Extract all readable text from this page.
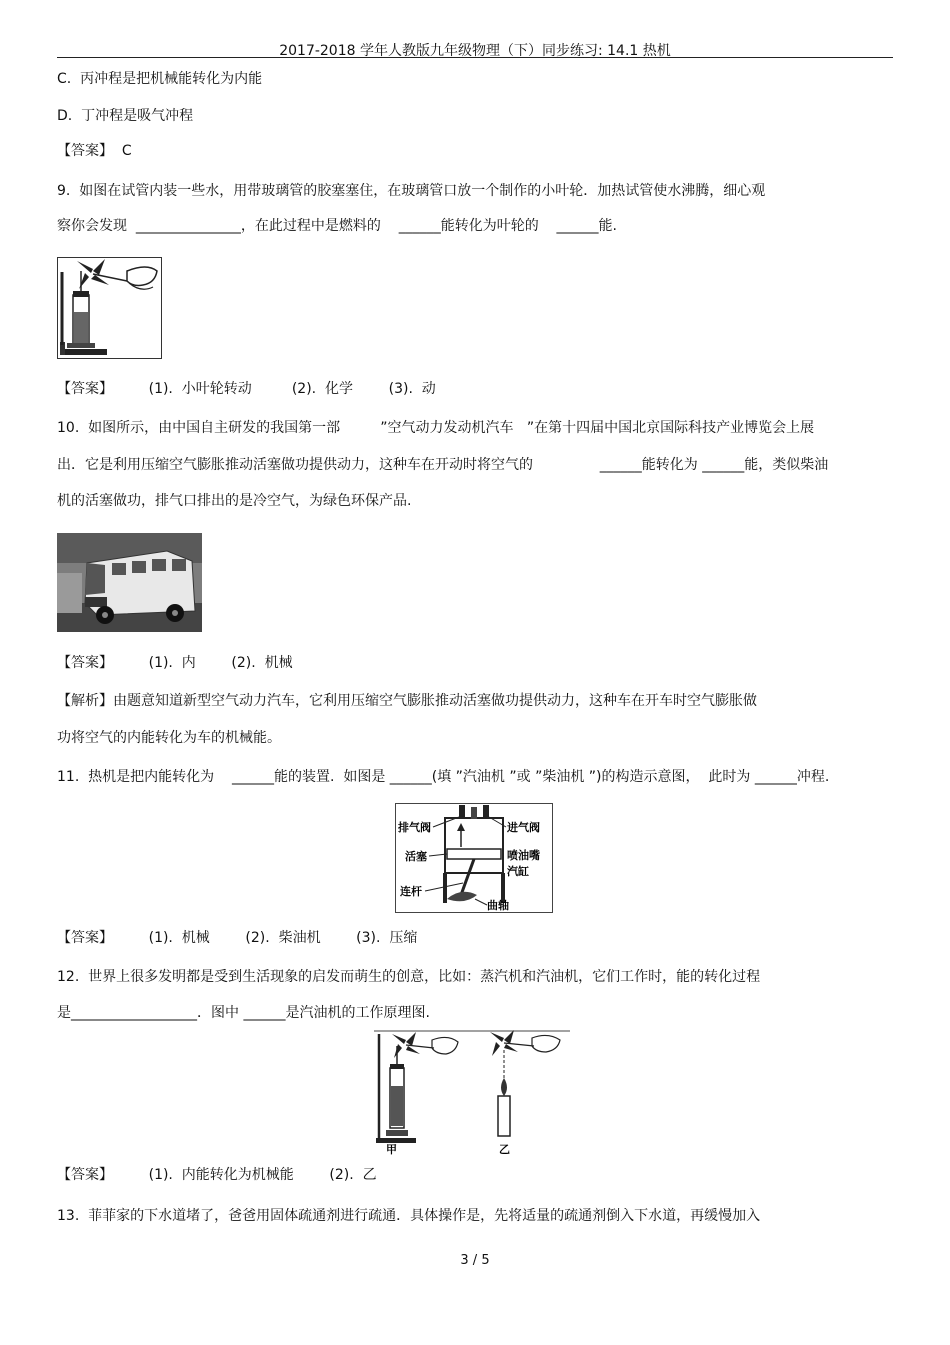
2017-2018 学年人教版九年级物理（下）同步练习: 14.1 热机
C.  丙冲程是把机械能转化为内能
D.  丁冲程是吸气冲程
【答案】  C
9.  如图在试管内装一些水，用带玻璃管的胶塞塞住，在玻璃管口放一个制作的小叶轮．加热试管使水沸腾，细心观
察你会发现  _______________，在此过程中是燃料的    ______能转化为叶轮的    ______能.
【答案】        (1).  小叶轮转动         (2).  化学        (3).  动
10.  如图所示，由中国自主研发的我国第一部         ”空气动力发动机汽车   ”在第十四届中国北京国际科技产业博览会上展
出．它是利用压缩空气膨胀推动活塞做功提供动力，这种车在开动时将空气的               ______能转化为 ______能，类似柴油
机的活塞做功，排气口排出的是冷空气，为绿色环保产品.
【答案】        (1).  内        (2).  机械
【解析】由题意知道新型空气动力汽车，它利用压缩空气膨胀推动活塞做功提供动力，这种车在开车时空气膨胀做
功将空气的内能转化为车的机械能。
11.  热机是把内能转化为    ______能的装置.  如图是 ______(填 ”汽油机 ”或 ”柴油机 ”)的构造示意图，  此时为 ______冲程.
排气阀	进气阀
活塞	喷油嘴
汽缸
连杆
曲轴
【答案】        (1).  机械        (2).  柴油机        (3).  压缩
12.  世界上很多发明都是受到生活现象的启发而萌生的创意，比如：蒸汽机和汽油机，它们工作时，能的转化过程
是__________________．图中 ______是汽油机的工作原理图.
甲	乙
【答案】        (1).  内能转化为机械能        (2).  乙
13.  菲菲家的下水道堵了，爸爸用固体疏通剂进行疏通．具体操作是，先将适量的疏通剂倒入下水道，再缓慢加入
3 / 5
